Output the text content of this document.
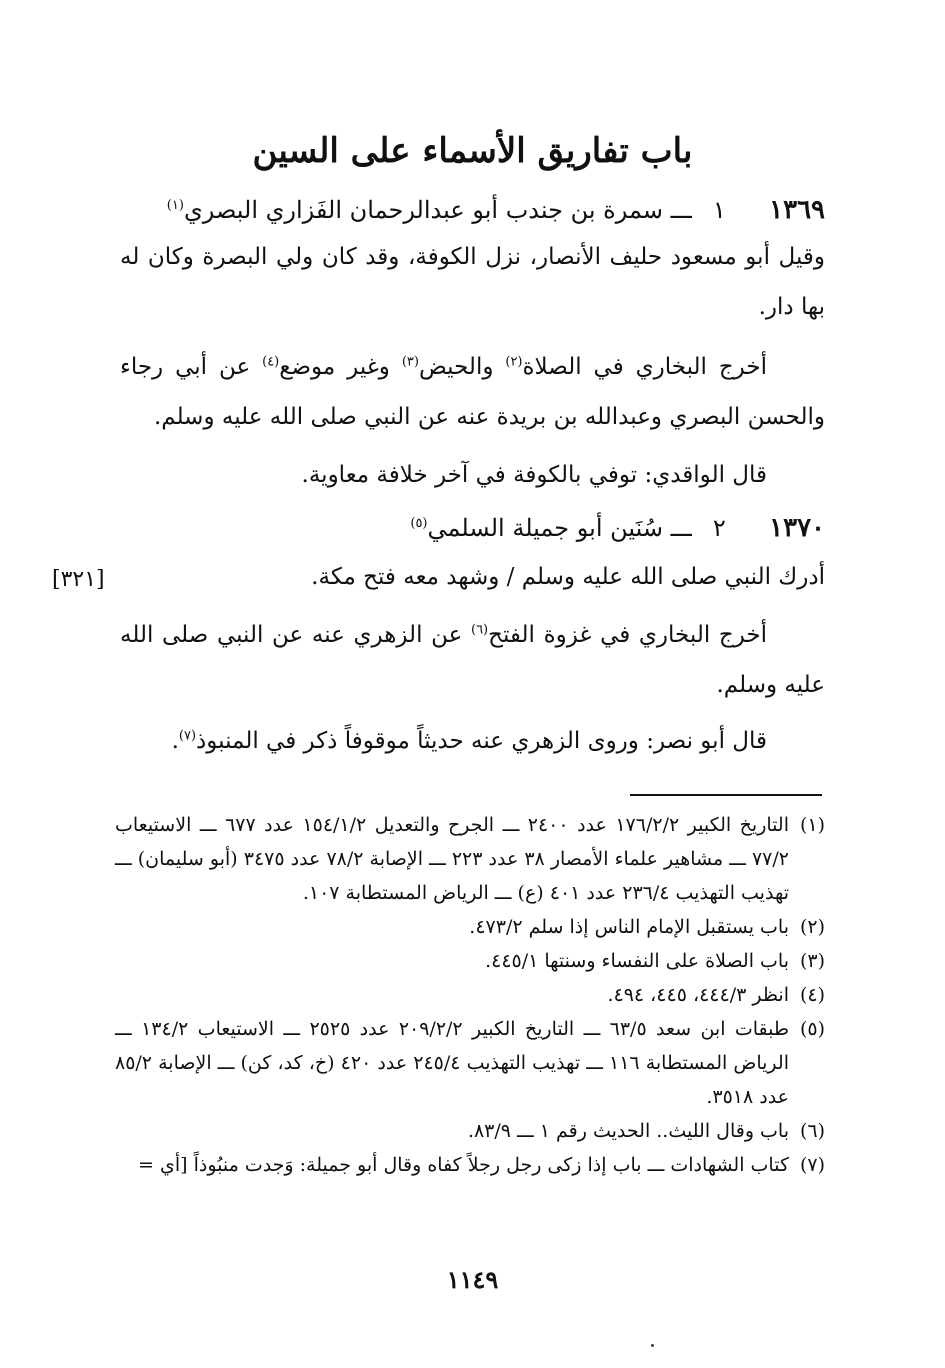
باب تفاريق الأسماء على السين
١٣٦٩ ١ ـــ سمرة بن جندب أبو عبدالرحمان الفَزاري البصري$^{(١)}$
وقيل أبو مسعود حليف الأنصار، نزل الكوفة، وقد كان ولي البصرة وكان له بها دار.
أخرج البخاري في الصلاة$^{(٢)}$ والحيض$^{(٣)}$ وغير موضع$^{(٤)}$ عن أبي رجاء والحسن البصري وعبدالله بن بريدة عنه عن النبي صلى الله عليه وسلم.
قال الواقدي: توفي بالكوفة في آخر خلافة معاوية.
١٣٧٠ ٢ ـــ سُنَين أبو جميلة السلمي$^{(٥)}$
أدرك النبي صلى الله عليه وسلم / وشهد معه فتح مكة.
[٣٢١]
أخرج البخاري في غزوة الفتح$^{(٦)}$ عن الزهري عنه عن النبي صلى الله عليه وسلم.
قال أبو نصر: وروى الزهري عنه حديثاً موقوفاً ذكر في المنبوذ$^{(٧)}$.
(١)
التاريخ الكبير ١٧٦/٢/٢ عدد ٢٤٠٠ ـــ الجرح والتعديل ١٥٤/١/٢ عدد ٦٧٧ ـــ الاستيعاب ٧٧/٢ ـــ مشاهير علماء الأمصار ٣٨ عدد ٢٢٣ ـــ الإصابة ٧٨/٢ عدد ٣٤٧٥ (أبو سليمان) ـــ تهذيب التهذيب ٢٣٦/٤ عدد ٤٠١ (ع) ـــ الرياض المستطابة ١٠٧.
(٢)
باب يستقبل الإمام الناس إذا سلم ٤٧٣/٢.
(٣)
باب الصلاة على النفساء وسنتها ٤٤٥/١.
(٤)
انظر ٤٤٤/٣، ٤٤٥، ٤٩٤.
(٥)
طبقات ابن سعد ٦٣/٥ ـــ التاريخ الكبير ٢٠٩/٢/٢ عدد ٢٥٢٥ ـــ الاستيعاب ١٣٤/٢ ـــ الرياض المستطابة ١١٦ ـــ تهذيب التهذيب ٢٤٥/٤ عدد ٤٢٠ (خ، كد، كن) ـــ الإصابة ٨٥/٢ عدد ٣٥١٨.
(٦)
باب وقال الليث.. الحديث رقم ١ ـــ ٨٣/٩.
(٧)
كتاب الشهادات ـــ باب إذا زكى رجل رجلاً كفاه وقال أبو جميلة: وَجدت منبُوذاً [أي =
١١٤٩
